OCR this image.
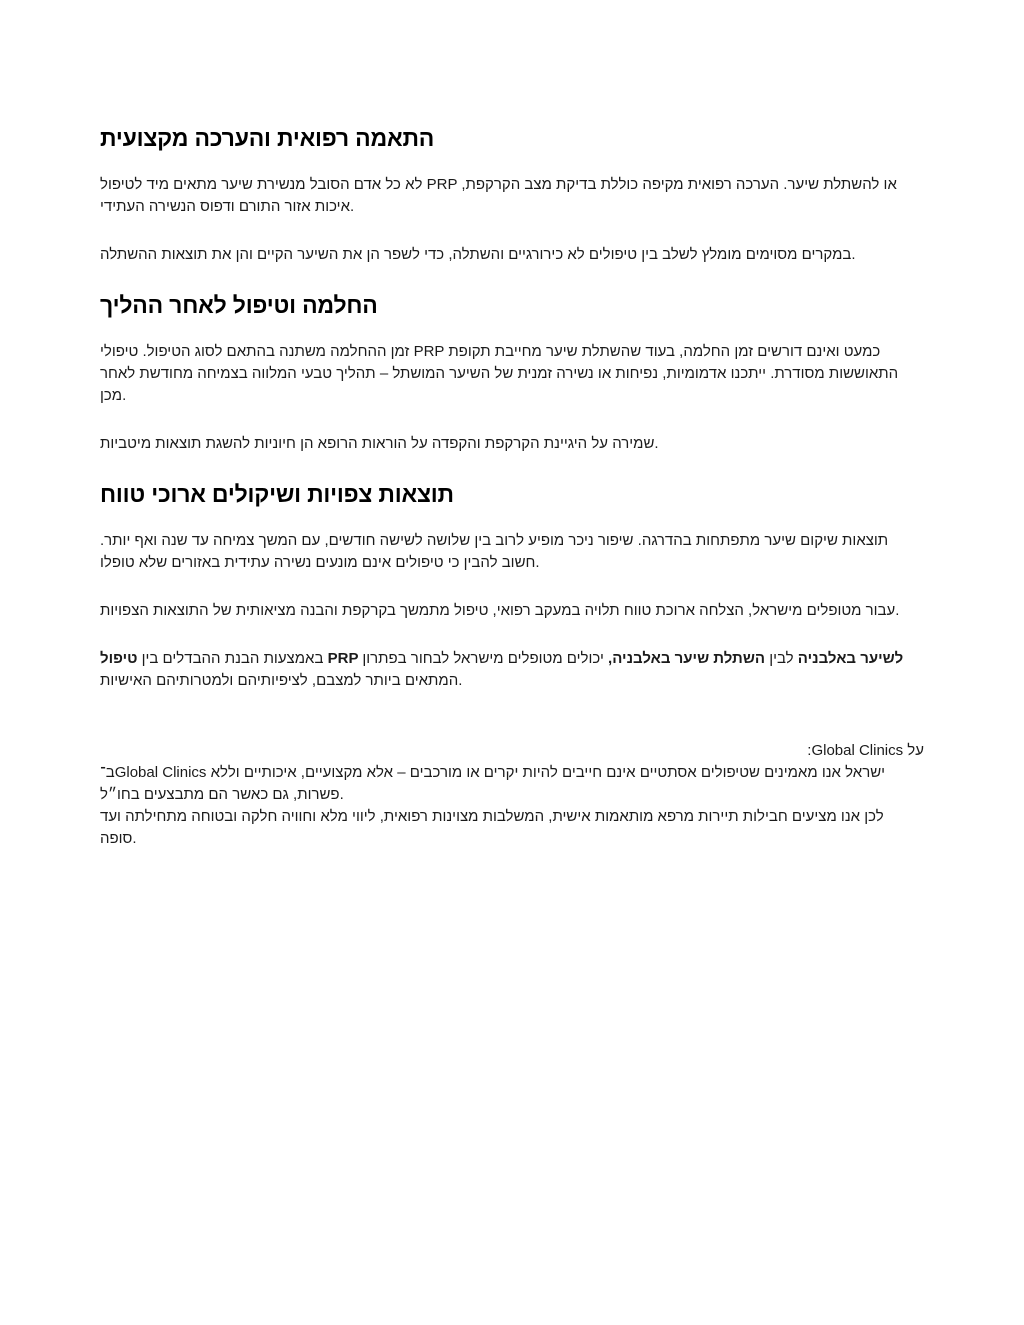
התאמה רפואית והערכה מקצועית

לא כל אדם הסובל מנשירת שיער מתאים מיד לטיפול PRP או להשתלת שיער. הערכה רפואית מקיפה כוללת בדיקת מצב הקרקפת, איכות אזור התורם ודפוס הנשירה העתידי.

במקרים מסוימים מומלץ לשלב בין טיפולים לא כירורגיים והשתלה, כדי לשפר הן את השיער הקיים והן את תוצאות ההשתלה.

החלמה וטיפול לאחר ההליך

זמן ההחלמה משתנה בהתאם לסוג הטיפול. טיפולי PRP כמעט ואינם דורשים זמן החלמה, בעוד שהשתלת שיער מחייבת תקופת התאוששות מסודרת. ייתכנו אדמומיות, נפיחות או נשירה זמנית של השיער המושתל – תהליך טבעי המלווה בצמיחה מחודשת לאחר מכן.

שמירה על היגיינת הקרקפת והקפדה על הוראות הרופא הן חיוניות להשגת תוצאות מיטביות.

תוצאות צפויות ושיקולים ארוכי טווח

תוצאות שיקום שיער מתפתחות בהדרגה. שיפור ניכר מופיע לרוב בין שלושה לשישה חודשים, עם המשך צמיחה עד שנה ואף יותר. חשוב להבין כי טיפולים אינם מונעים נשירה עתידית באזורים שלא טופלו.

עבור מטופלים מישראל, הצלחה ארוכת טווח תלויה במעקב רפואי, טיפול מתמשך בקרקפת והבנה מציאותית של התוצאות הצפויות.

באמצעות הבנת ההבדלים בין טיפול PRP לשיער באלבניה לבין השתלת שיער באלבניה, יכולים מטופלים מישראל לבחור בפתרון המתאים ביותר למצבם, לציפיותיהם ולמטרותיהם האישיות.

על Global Clinics:

ב־Global Clinics ישראל אנו מאמינים שטיפולים אסתטיים אינם חייבים להיות יקרים או מורכבים – אלא מקצועיים, איכותיים וללא פשרות, גם כאשר הם מתבצעים בחו״ל.
לכן אנו מציעים חבילות תיירות מרפא מותאמות אישית, המשלבות מצוינות רפואית, ליווי מלא וחוויה חלקה ובטוחה מתחילתה ועד סופה.
